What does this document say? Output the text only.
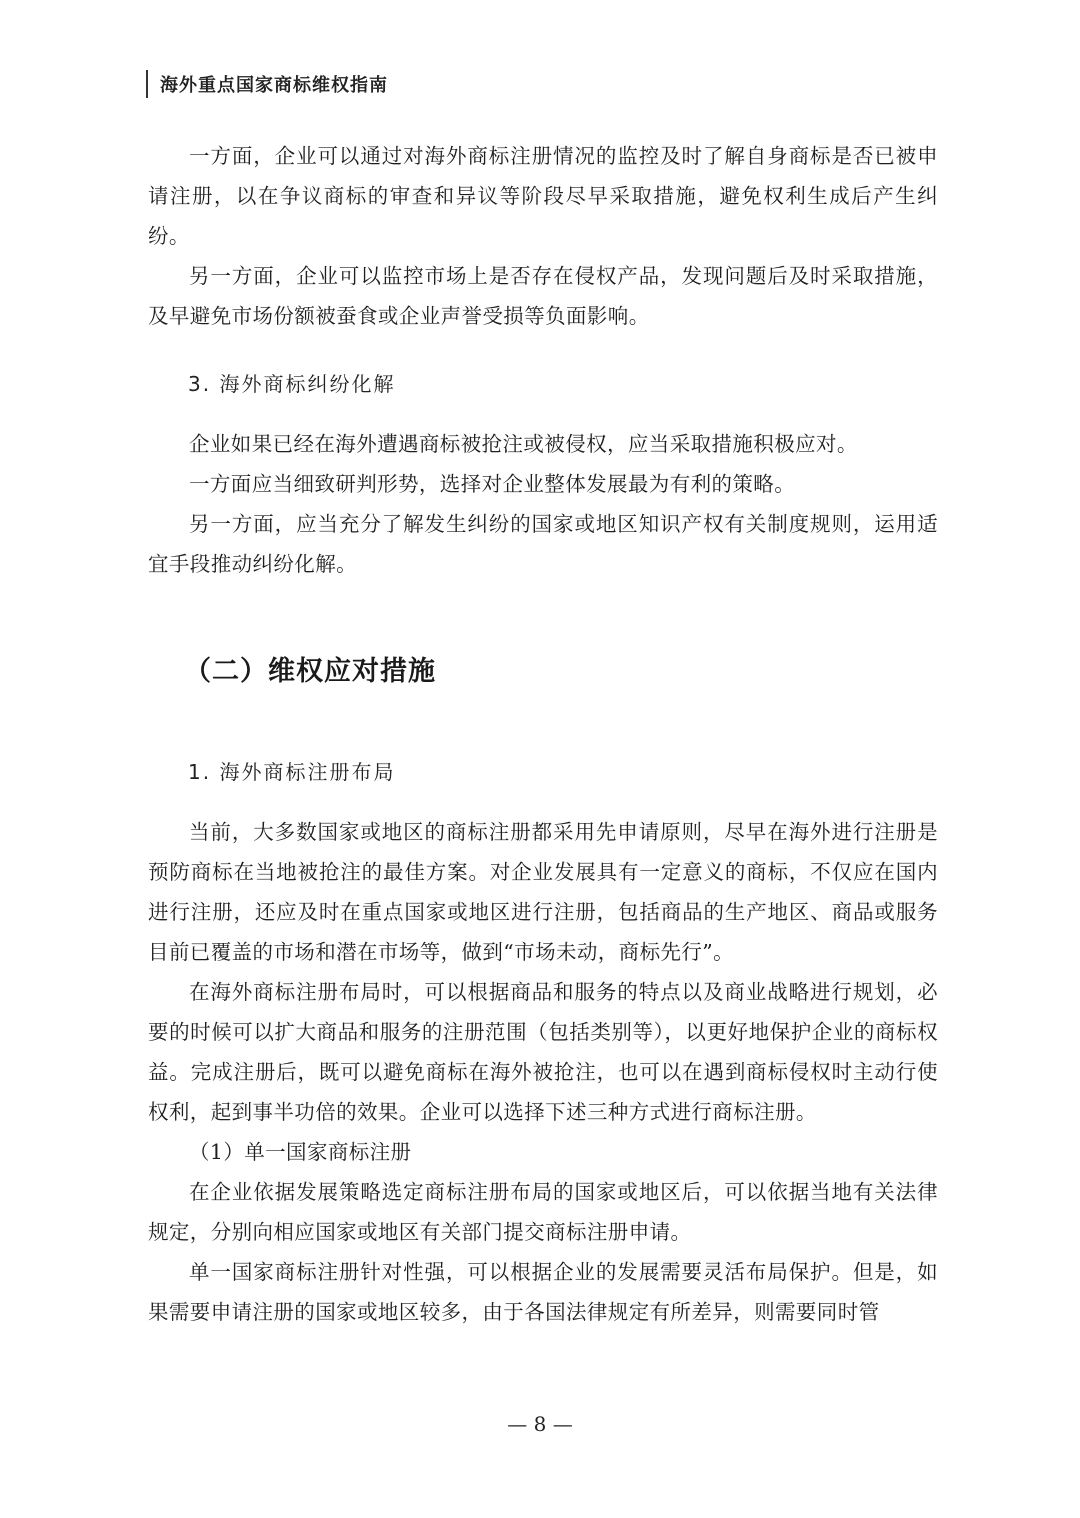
海外重点国家商标维权指南

一方面，企业可以通过对海外商标注册情况的监控及时了解自身商标是否已被申请注册，以在争议商标的审查和异议等阶段尽早采取措施，避免权利生成后产生纠纷。

另一方面，企业可以监控市场上是否存在侵权产品，发现问题后及时采取措施，及早避免市场份额被蚕食或企业声誉受损等负面影响。

3. 海外商标纠纷化解

企业如果已经在海外遭遇商标被抢注或被侵权，应当采取措施积极应对。

一方面应当细致研判形势，选择对企业整体发展最为有利的策略。

另一方面，应当充分了解发生纠纷的国家或地区知识产权有关制度规则，运用适宜手段推动纠纷化解。

（二）维权应对措施

1. 海外商标注册布局

当前，大多数国家或地区的商标注册都采用先申请原则，尽早在海外进行注册是预防商标在当地被抢注的最佳方案。对企业发展具有一定意义的商标，不仅应在国内进行注册，还应及时在重点国家或地区进行注册，包括商品的生产地区、商品或服务目前已覆盖的市场和潜在市场等，做到“市场未动，商标先行”。

在海外商标注册布局时，可以根据商品和服务的特点以及商业战略进行规划，必要的时候可以扩大商品和服务的注册范围（包括类别等），以更好地保护企业的商标权益。完成注册后，既可以避免商标在海外被抢注，也可以在遇到商标侵权时主动行使权利，起到事半功倍的效果。企业可以选择下述三种方式进行商标注册。

（1）单一国家商标注册

在企业依据发展策略选定商标注册布局的国家或地区后，可以依据当地有关法律规定，分别向相应国家或地区有关部门提交商标注册申请。

单一国家商标注册针对性强，可以根据企业的发展需要灵活布局保护。但是，如果需要申请注册的国家或地区较多，由于各国法律规定有所差异，则需要同时管

— 8 —
